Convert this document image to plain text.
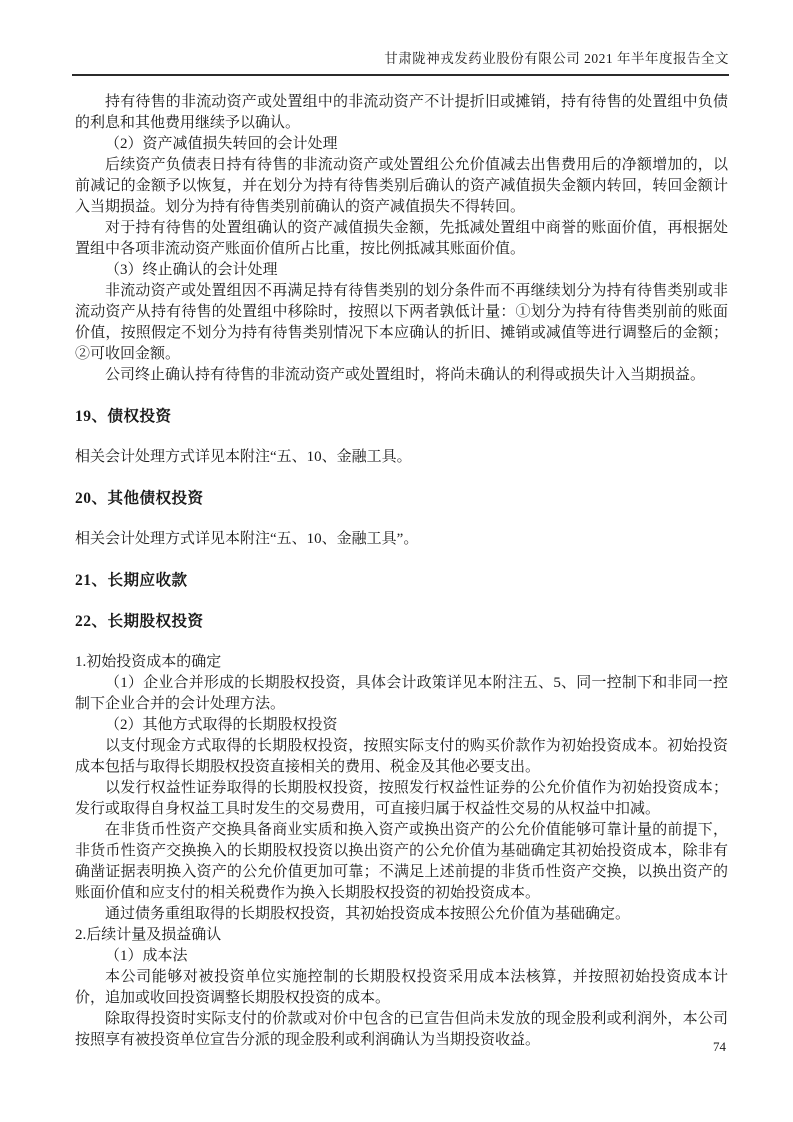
甘肃陇神戎发药业股份有限公司 2021 年半年度报告全文

持有待售的非流动资产或处置组中的非流动资产不计提折旧或摊销，持有待售的处置组中负债的利息和其他费用继续予以确认。

（2）资产减值损失转回的会计处理

后续资产负债表日持有待售的非流动资产或处置组公允价值减去出售费用后的净额增加的，以前减记的金额予以恢复，并在划分为持有待售类别后确认的资产减值损失金额内转回，转回金额计入当期损益。划分为持有待售类别前确认的资产减值损失不得转回。

对于持有待售的处置组确认的资产减值损失金额，先抵减处置组中商誉的账面价值，再根据处置组中各项非流动资产账面价值所占比重，按比例抵减其账面价值。

（3）终止确认的会计处理

非流动资产或处置组因不再满足持有待售类别的划分条件而不再继续划分为持有待售类别或非流动资产从持有待售的处置组中移除时，按照以下两者孰低计量：①划分为持有待售类别前的账面价值，按照假定不划分为持有待售类别情况下本应确认的折旧、摊销或减值等进行调整后的金额；②可收回金额。

公司终止确认持有待售的非流动资产或处置组时，将尚未确认的利得或损失计入当期损益。

19、债权投资

相关会计处理方式详见本附注“五、10、金融工具。

20、其他债权投资

相关会计处理方式详见本附注“五、10、金融工具”。

21、长期应收款

22、长期股权投资

1.初始投资成本的确定

（1）企业合并形成的长期股权投资，具体会计政策详见本附注五、5、同一控制下和非同一控制下企业合并的会计处理方法。

（2）其他方式取得的长期股权投资

以支付现金方式取得的长期股权投资，按照实际支付的购买价款作为初始投资成本。初始投资成本包括与取得长期股权投资直接相关的费用、税金及其他必要支出。

以发行权益性证券取得的长期股权投资，按照发行权益性证券的公允价值作为初始投资成本；发行或取得自身权益工具时发生的交易费用，可直接归属于权益性交易的从权益中扣减。

在非货币性资产交换具备商业实质和换入资产或换出资产的公允价值能够可靠计量的前提下，非货币性资产交换换入的长期股权投资以换出资产的公允价值为基础确定其初始投资成本，除非有确凿证据表明换入资产的公允价值更加可靠；不满足上述前提的非货币性资产交换，以换出资产的账面价值和应支付的相关税费作为换入长期股权投资的初始投资成本。

通过债务重组取得的长期股权投资，其初始投资成本按照公允价值为基础确定。

2.后续计量及损益确认

（1）成本法

本公司能够对被投资单位实施控制的长期股权投资采用成本法核算，并按照初始投资成本计价，追加或收回投资调整长期股权投资的成本。

除取得投资时实际支付的价款或对价中包含的已宣告但尚未发放的现金股利或利润外，本公司按照享有被投资单位宣告分派的现金股利或利润确认为当期投资收益。	74
